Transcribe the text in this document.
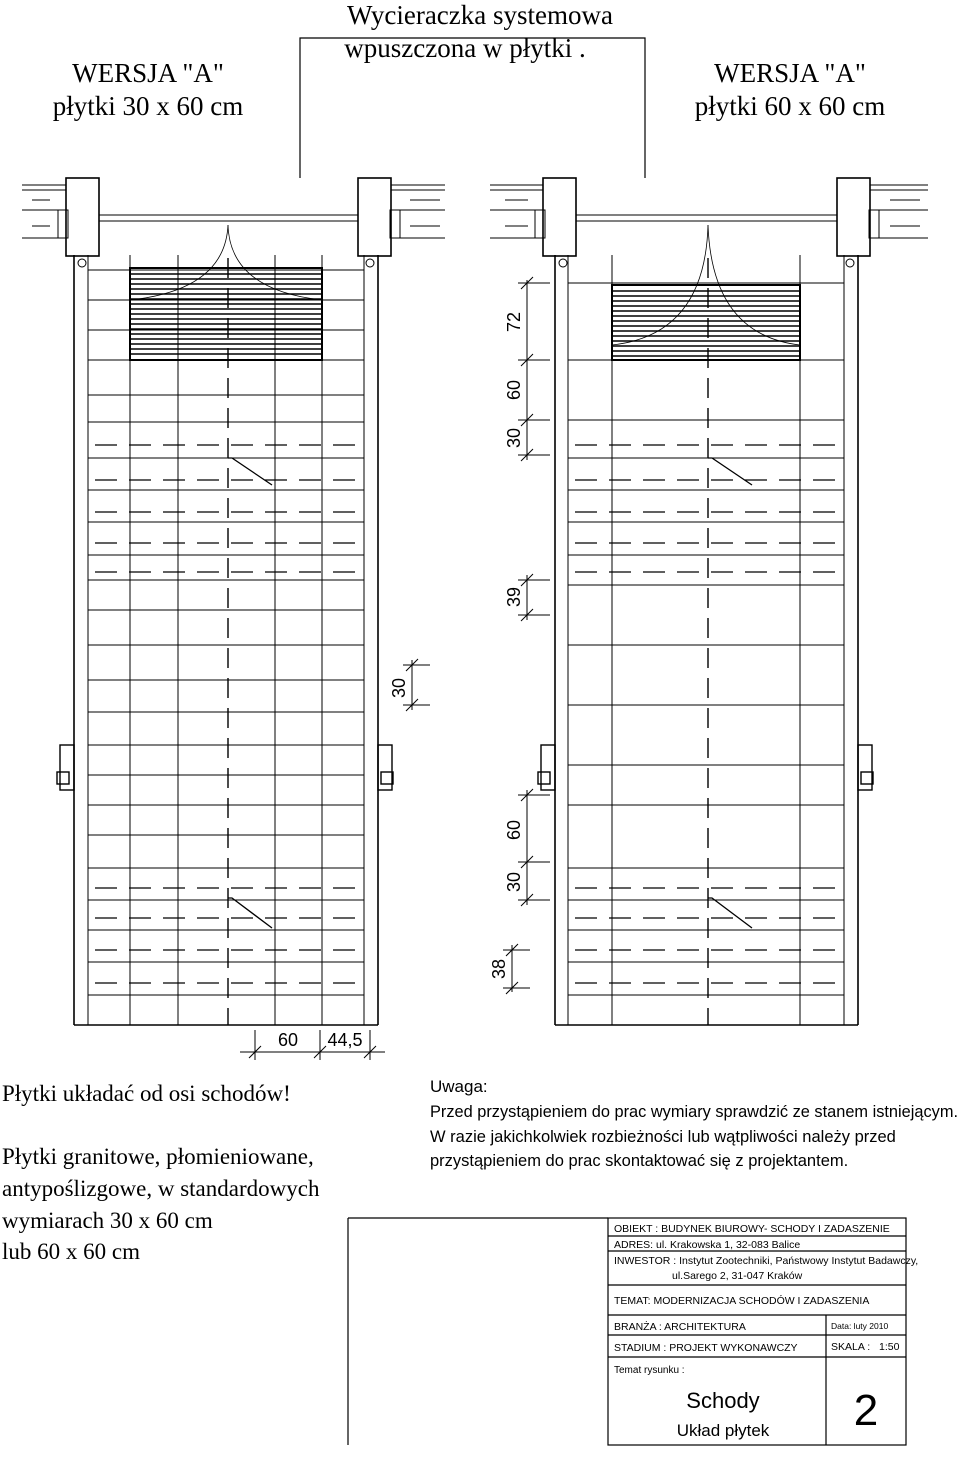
WERSJA "A"
płytki 30 x 60 cm
Wycieraczka systemowa
wpuszczona w płytki .
WERSJA "A"
płytki 60 x 60 cm
72
60
30
39
30
60
30
38
60 44,5
Płytki układać od osi schodów!
Płytki granitowe, płomieniowane,
antypoślizgowe, w standardowych
wymiarach 30 x 60 cm
lub 60 x 60 cm
Uwaga:
Przed przystąpieniem do prac wymiary sprawdzić ze stanem istniejącym.
W razie jakichkolwiek rozbieżności lub wątpliwości należy przed
przystąpieniem do prac skontaktować się z projektantem.
OBIEKT : BUDYNEK BIUROWY- SCHODY I ZADASZENIE
ADRES: ul. Krakowska 1, 32-083 Balice
INWESTOR : Instytut Zootechniki, Państwowy Instytut Badawczy,
ul.Sarego 2, 31-047 Kraków
TEMAT: MODERNIZACJA SCHODÓW I ZADASZENIA
BRANŻA : ARCHITEKTURA	Data: luty 2010
STADIUM : PROJEKT WYKONAWCZY	SKALA : 1:50
Temat rysunku :
Schody
Układ płytek 2
